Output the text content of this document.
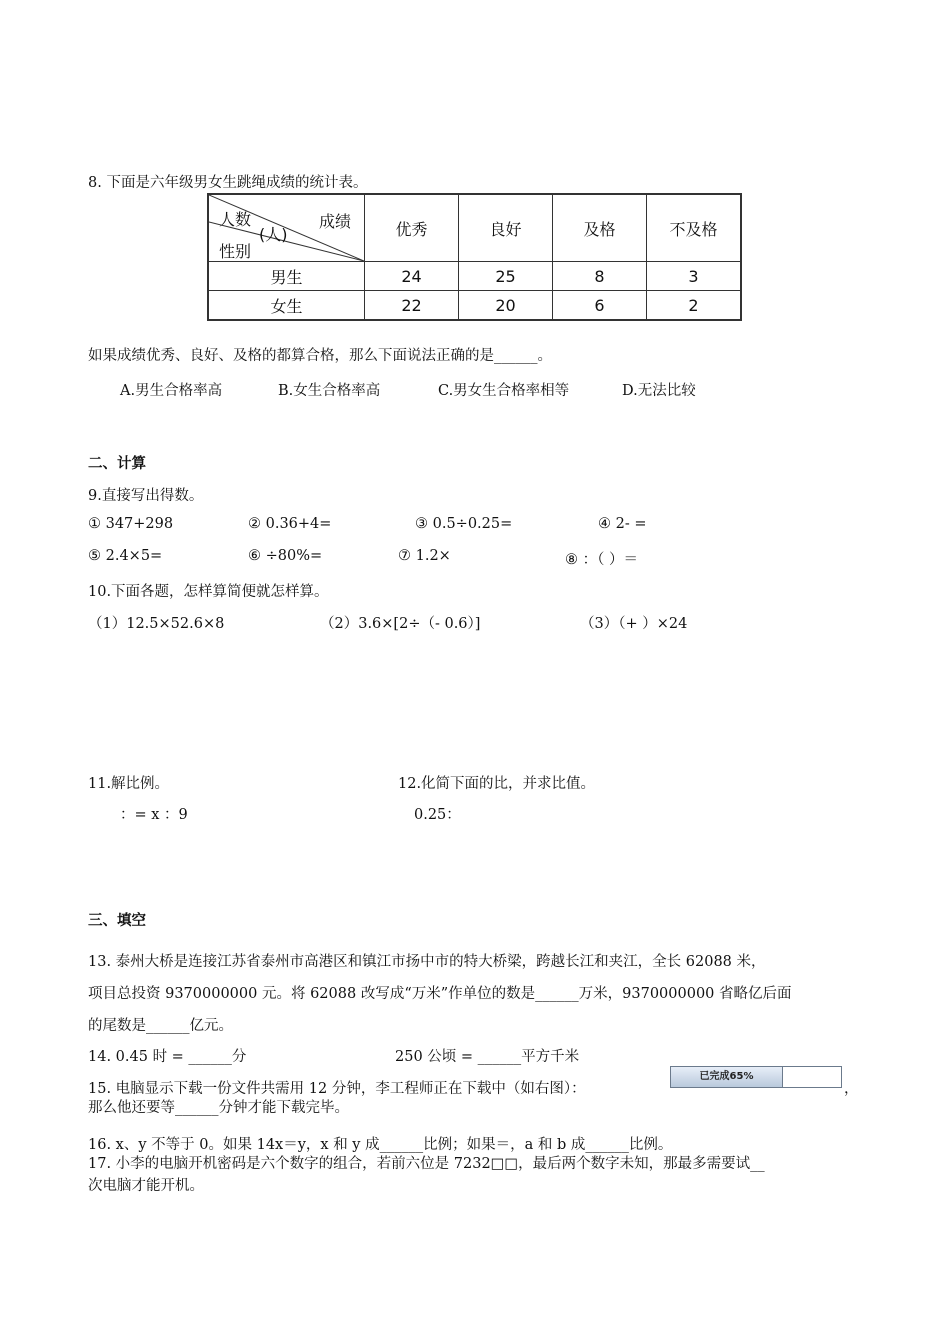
8. 下面是六年级男女生跳绳成绩的统计表。
人数
(人)
成绩
性别	优秀	良好	及格	不及格
男生	24	25	8	3
女生	22	20	6	2
如果成绩优秀、良好、及格的都算合格，那么下面说法正确的是______。
A.男生合格率高	B.女生合格率高	C.男女生合格率相等	D.无法比较
二、计算
9.直接写出得数。
① 347+298	② 0.36+4=	③ 0.5÷0.25=	④ 2- =
⑤ 2.4×5=	⑥ ÷80%=	⑦ 1.2×	⑧ ：（ ）＝
10.下面各题，怎样算简便就怎样算。
（1）12.5×52.6×8	（2）3.6×[2÷（- 0.6）]	（3）（+ ）×24
11.解比例。	12.化简下面的比，并求比值。
：= x ：9	0.25：
三、填空
13. 泰州大桥是连接江苏省泰州市高港区和镇江市扬中市的特大桥梁，跨越长江和夹江，全长 62088 米，
项目总投资 9370000000 元。将 62088 改写成“万米”作单位的数是______万米，9370000000 省略亿后面
的尾数是______亿元。
14. 0.45 时 = ______分	250 公顷 = ______平方千米
15. 电脑显示下载一份文件共需用 12 分钟，李工程师正在下载中（如右图）：
已完成65%
，
那么他还要等______分钟才能下载完毕。
16. x、y 不等于 0。如果 14x＝y，x 和 y 成______比例；如果＝，a 和 b 成______比例。
17. 小李的电脑开机密码是六个数字的组合，若前六位是 7232□□，最后两个数字未知，那最多需要试__
次电脑才能开机。
